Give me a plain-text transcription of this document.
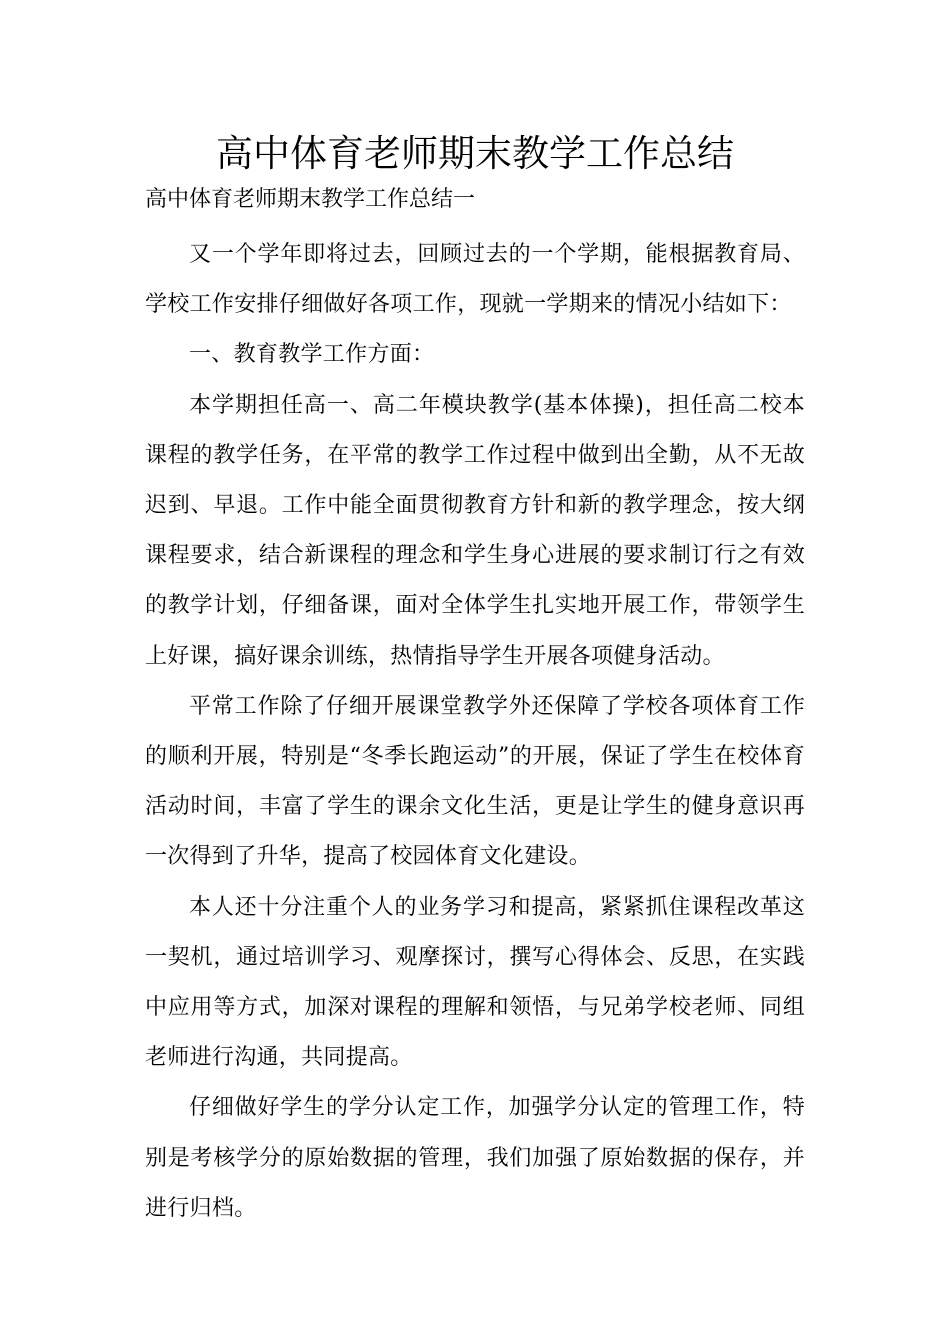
高中体育老师期末教学工作总结

高中体育老师期末教学工作总结一

又一个学年即将过去，回顾过去的一个学期，能根据教育局、学校工作安排仔细做好各项工作，现就一学期来的情况小结如下：

一、教育教学工作方面：

本学期担任高一、高二年模块教学(基本体操)，担任高二校本课程的教学任务，在平常的教学工作过程中做到出全勤，从不无故迟到、早退。工作中能全面贯彻教育方针和新的教学理念，按大纲课程要求，结合新课程的理念和学生身心进展的要求制订行之有效的教学计划，仔细备课，面对全体学生扎实地开展工作，带领学生上好课，搞好课余训练，热情指导学生开展各项健身活动。

平常工作除了仔细开展课堂教学外还保障了学校各项体育工作的顺利开展，特别是“冬季长跑运动”的开展，保证了学生在校体育活动时间，丰富了学生的课余文化生活，更是让学生的健身意识再一次得到了升华，提高了校园体育文化建设。

本人还十分注重个人的业务学习和提高，紧紧抓住课程改革这一契机，通过培训学习、观摩探讨，撰写心得体会、反思，在实践中应用等方式，加深对课程的理解和领悟，与兄弟学校老师、同组老师进行沟通，共同提高。

仔细做好学生的学分认定工作，加强学分认定的管理工作，特别是考核学分的原始数据的管理，我们加强了原始数据的保存，并进行归档。
